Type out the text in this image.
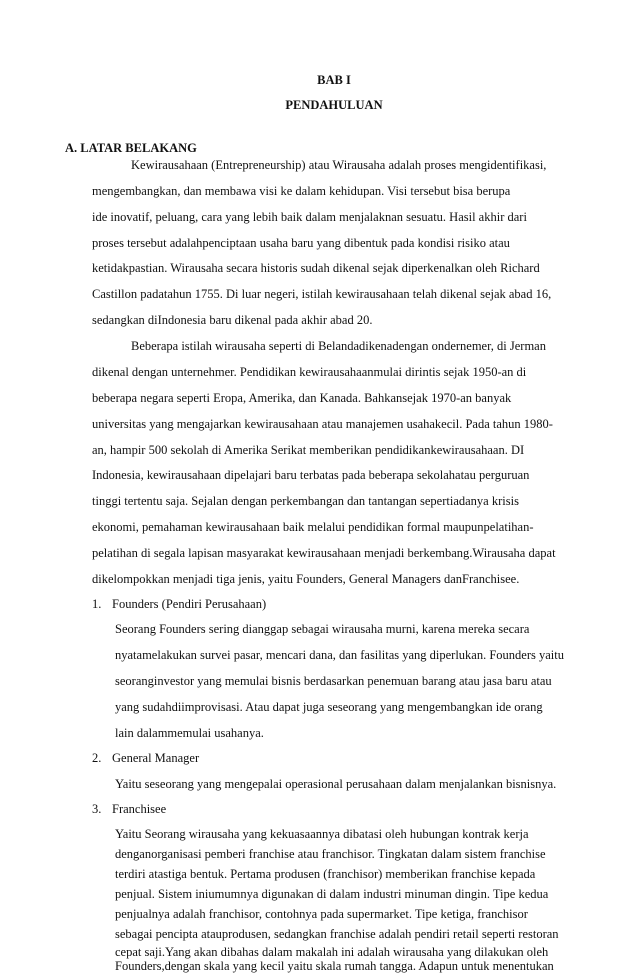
BAB I
PENDAHULUAN
A. LATAR BELAKANG
Kewirausahaan (Entrepreneurship) atau Wirausaha adalah proses mengidentifikasi,
mengembangkan, dan membawa visi ke dalam kehidupan. Visi tersebut bisa berupa
ide inovatif, peluang, cara yang lebih baik dalam menjalaknan sesuatu. Hasil akhir dari
proses tersebut adalahpenciptaan usaha baru yang dibentuk pada kondisi risiko atau
ketidakpastian. Wirausaha secara historis sudah dikenal sejak diperkenalkan oleh Richard
Castillon padatahun 1755. Di luar negeri, istilah kewirausahaan telah dikenal sejak abad 16,
sedangkan diIndonesia baru dikenal pada akhir abad 20.
Beberapa istilah wirausaha seperti di Belandadikenadengan ondernemer, di Jerman
dikenal dengan unternehmer. Pendidikan kewirausahaanmulai dirintis sejak 1950-an di
beberapa negara seperti Eropa, Amerika, dan Kanada. Bahkansejak 1970-an banyak
universitas yang mengajarkan kewirausahaan atau manajemen usahakecil. Pada tahun 1980-
an, hampir 500 sekolah di Amerika Serikat memberikan pendidikankewirausahaan. DI
Indonesia, kewirausahaan dipelajari baru terbatas pada beberapa sekolahatau perguruan
tinggi tertentu saja. Sejalan dengan perkembangan dan tantangan sepertiadanya krisis
ekonomi, pemahaman kewirausahaan baik melalui pendidikan formal maupunpelatihan-
pelatihan di segala lapisan masyarakat kewirausahaan menjadi berkembang.Wirausaha dapat
dikelompokkan menjadi tiga jenis, yaitu Founders, General Managers danFranchisee.
1. Founders (Pendiri Perusahaan)
Seorang Founders sering dianggap sebagai wirausaha murni, karena mereka secara
nyatamelakukan survei pasar, mencari dana, dan fasilitas yang diperlukan. Founders yaitu
seoranginvestor yang memulai bisnis berdasarkan penemuan barang atau jasa baru atau
yang sudahdiimprovisasi. Atau dapat juga seseorang yang mengembangkan ide orang
lain dalammemulai usahanya.
2. General Manager
Yaitu seseorang yang mengepalai operasional perusahaan dalam menjalankan bisnisnya.
3. Franchisee
Yaitu Seorang wirausaha yang kekuasaannya dibatasi oleh hubungan kontrak kerja
denganorganisasi pemberi franchise atau franchisor. Tingkatan dalam sistem franchise
terdiri atastiga bentuk. Pertama produsen (franchisor) memberikan franchise kepada
penjual. Sistem iniumumnya digunakan di dalam industri minuman dingin. Tipe kedua
penjualnya adalah franchisor, contohnya pada supermarket. Tipe ketiga, franchisor
sebagai pencipta atauprodusen, sedangkan franchise adalah pendiri retail seperti restoran
cepat saji.Yang akan dibahas dalam makalah ini adalah wirausaha yang dilakukan oleh
Founders,dengan skala yang kecil yaitu skala rumah tangga. Adapun untuk menentukan
